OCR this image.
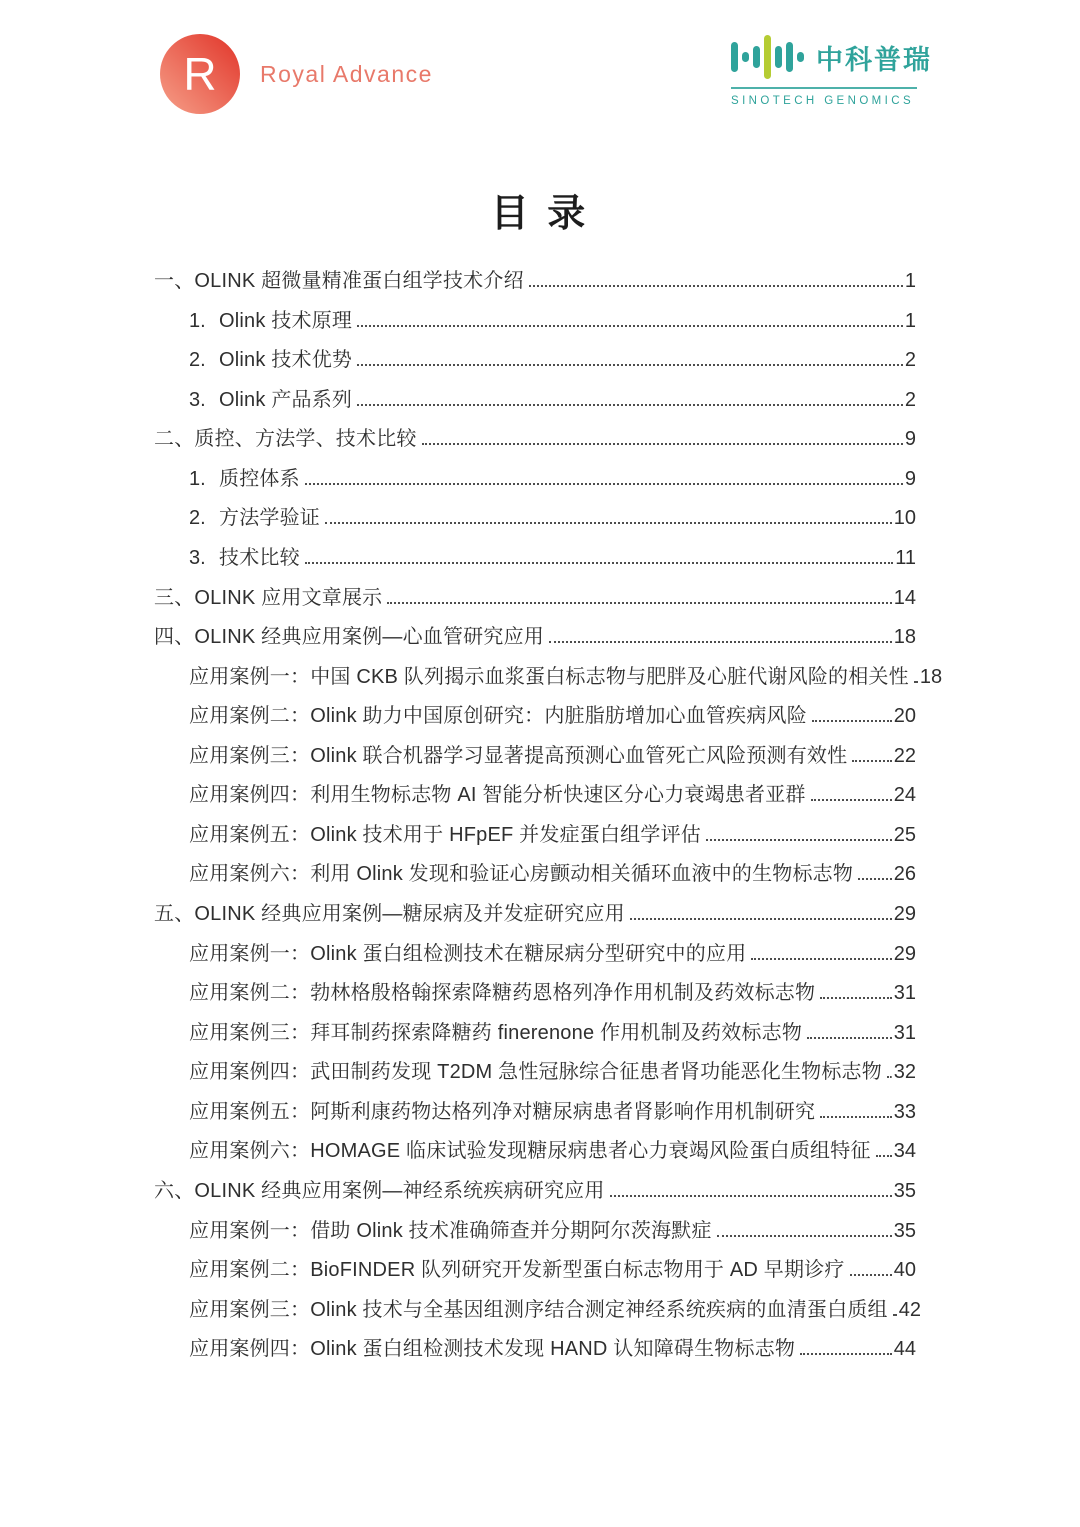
R Royal Advance	中科普瑞
SINOTECH GENOMICS
目 录
一、OLINK 超微量精准蛋白组学技术介绍	1
1. Olink 技术原理	1
2. Olink 技术优势	2
3. Olink 产品系列	2
二、质控、方法学、技术比较	9
1. 质控体系	9
2. 方法学验证	10
3. 技术比较	11
三、OLINK 应用文章展示	14
四、OLINK 经典应用案例—心血管研究应用	18
应用案例一：中国 CKB 队列揭示血浆蛋白标志物与肥胖及心脏代谢风险的相关性 18
应用案例二：Olink 助力中国原创研究：内脏脂肪增加心血管疾病风险	20
应用案例三：Olink 联合机器学习显著提高预测心血管死亡风险预测有效性 22
应用案例四：利用生物标志物 AI 智能分析快速区分心力衰竭患者亚群	24
应用案例五：Olink 技术用于 HFpEF 并发症蛋白组学评估	25
应用案例六：利用 Olink 发现和验证心房颤动相关循环血液中的生物标志物 26
五、OLINK 经典应用案例—糖尿病及并发症研究应用	29
应用案例一：Olink 蛋白组检测技术在糖尿病分型研究中的应用	29
应用案例二：勃林格殷格翰探索降糖药恩格列净作用机制及药效标志物	31
应用案例三：拜耳制药探索降糖药 finerenone 作用机制及药效标志物	31
应用案例四：武田制药发现 T2DM 急性冠脉综合征患者肾功能恶化生物标志物 32
应用案例五：阿斯利康药物达格列净对糖尿病患者肾影响作用机制研究	33
应用案例六：HOMAGE 临床试验发现糖尿病患者心力衰竭风险蛋白质组特征 34
六、OLINK 经典应用案例—神经系统疾病研究应用	35
应用案例一：借助 Olink 技术准确筛查并分期阿尔茨海默症	35
应用案例二：BioFINDER 队列研究开发新型蛋白标志物用于 AD 早期诊疗 40
应用案例三：Olink 技术与全基因组测序结合测定神经系统疾病的血清蛋白质组 42
应用案例四：Olink 蛋白组检测技术发现 HAND 认知障碍生物标志物	44
